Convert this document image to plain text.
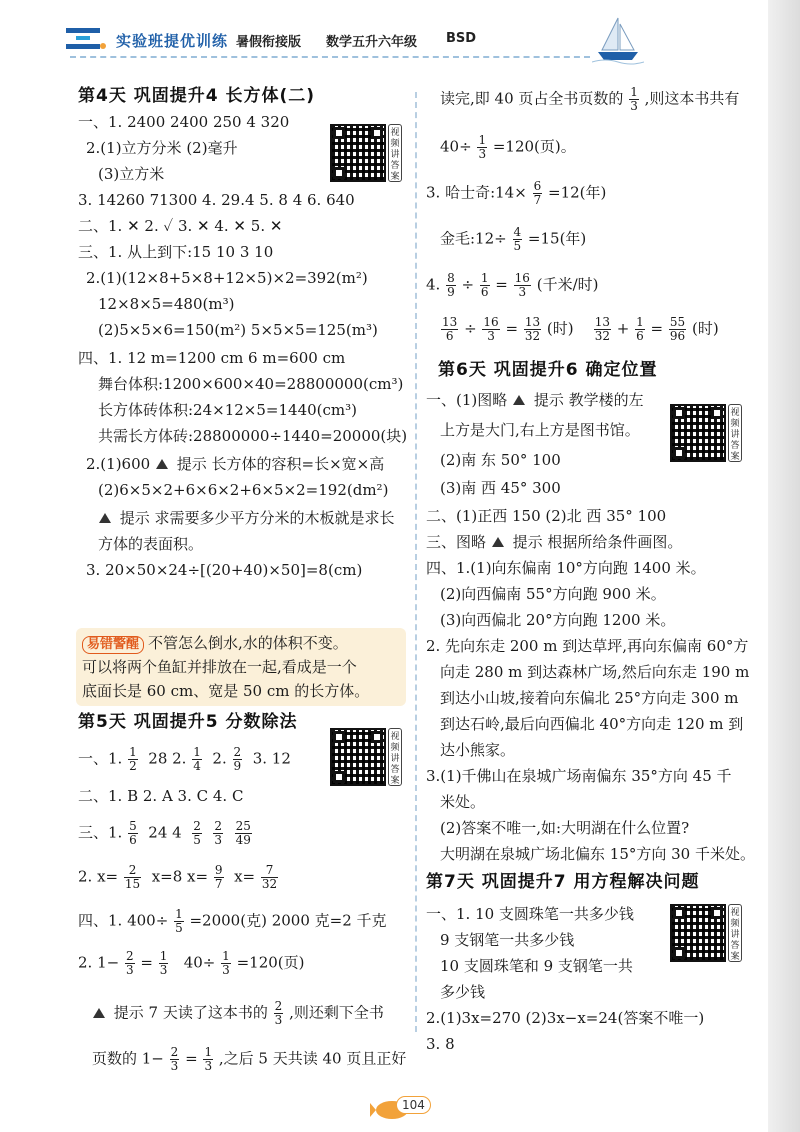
实验班提优训练 暑假衔接版 数学五升六年级 BSD
第4天 巩固提升4 长方体(二)
一、1. 2400 2400 250 4 320
2.(1)立方分米 (2)毫升
(3)立方米
3. 14260 71300 4. 29.4 5. 8 4 6. 640
二、1. ✕ 2. ✓ 3. ✕ 4. ✕ 5. ✕
三、1. 从上到下:15 10 3 10
2.(1)(12×8+5×8+12×5)×2=392(m²)
12×8×5=480(m³)
(2)5×5×6=150(m²) 5×5×5=125(m³)
四、1. 12 m=1200 cm 6 m=600 cm
舞台体积:1200×600×40=28800000(cm³)
长方体砖体积:24×12×5=1440(cm³)
共需长方体砖:28800000÷1440=20000(块)
2.(1)600 提示 长方体的容积=长×宽×高
(2)6×5×2+6×6×2+6×5×2=192(dm²)
提示 求需要多少平方分米的木板就是求长
方体的表面积。
3. 20×50×24÷[(20+40)×50]=8(cm)
视频讲答案
易错警醒 不管怎么倒水,水的体积不变。
可以将两个鱼缸并排放在一起,看成是一个
底面长是 60 cm、宽是 50 cm 的长方体。
第5天 巩固提升5 分数除法
一、1. $\frac{1}{2} 28$ 2. $\frac{1}{4} 2$. $\frac{2}{9} 3$. 12
二、1. B 2. A 3. C 4. C
三、1. $\frac{5}{6} 24$ $4 \frac{2}{5}$
$\frac{2}{3}$
$\frac{25}{49}$
2. $x= \frac{2}{15} x=8$ $x= \frac{9}{7} x= \frac{7}{32}$
四、1. $400\div \frac{1}{5} =2000$(克) 2000 克=2 千克
2. $1- \frac{2}{3} = \frac{1}{3} 40\div \frac{1}{3} =120$(页)
提示 7 天读了这本书的 $\frac{2}{3}$ ,则还剩下全书
页数的 $1- \frac{2}{3} = \frac{1}{3}$ ,之后 5 天共读 40 页且正好
视频讲答案
读完,即 40 页占全书页数的 $\frac{1}{3}$ ,则这本书共有
$40\div \frac{1}{3} =120$(页)。
3. 哈士奇:14× $\frac{6}{7} =12$(年)
金毛:12÷ $\frac{4}{5} =15$(年)
4. $\frac{8}{9} \div \frac{1}{6} = \frac{16}{3}$ (千米/时)
$\frac{13}{6} \div \frac{16}{3} = \frac{13}{32}$ (时) $\frac{13}{32} + \frac{1}{6} = \frac{55}{96}$ (时)
第6天 巩固提升6 确定位置
一、(1)图略 提示 教学楼的左
上方是大门,右上方是图书馆。
(2)南 东 50° 100
(3)南 西 45° 300
二、(1)正西 150 (2)北 西 35° 100
三、图略 提示 根据所给条件画图。
四、1.(1)向东偏南 10°方向跑 1400 米。
(2)向西偏南 55°方向跑 900 米。
(3)向西偏北 20°方向跑 1200 米。
2. 先向东走 200 m 到达草坪,再向东偏南 60°方
向走 280 m 到达森林广场,然后向东走 190 m
到达小山坡,接着向东偏北 25°方向走 300 m
到达石岭,最后向西偏北 40°方向走 120 m 到
达小熊家。
3.(1)千佛山在泉城广场南偏东 35°方向 45 千
米处。
(2)答案不唯一,如:大明湖在什么位置?
大明湖在泉城广场北偏东 15°方向 30 千米处。
第7天 巩固提升7 用方程解决问题
一、1. 10 支圆珠笔一共多少钱
9 支钢笔一共多少钱
10 支圆珠笔和 9 支钢笔一共
多少钱
2.(1)3x=270 (2)3x−x=24(答案不唯一)
3. 8
视频讲答案
视频讲答案
104
